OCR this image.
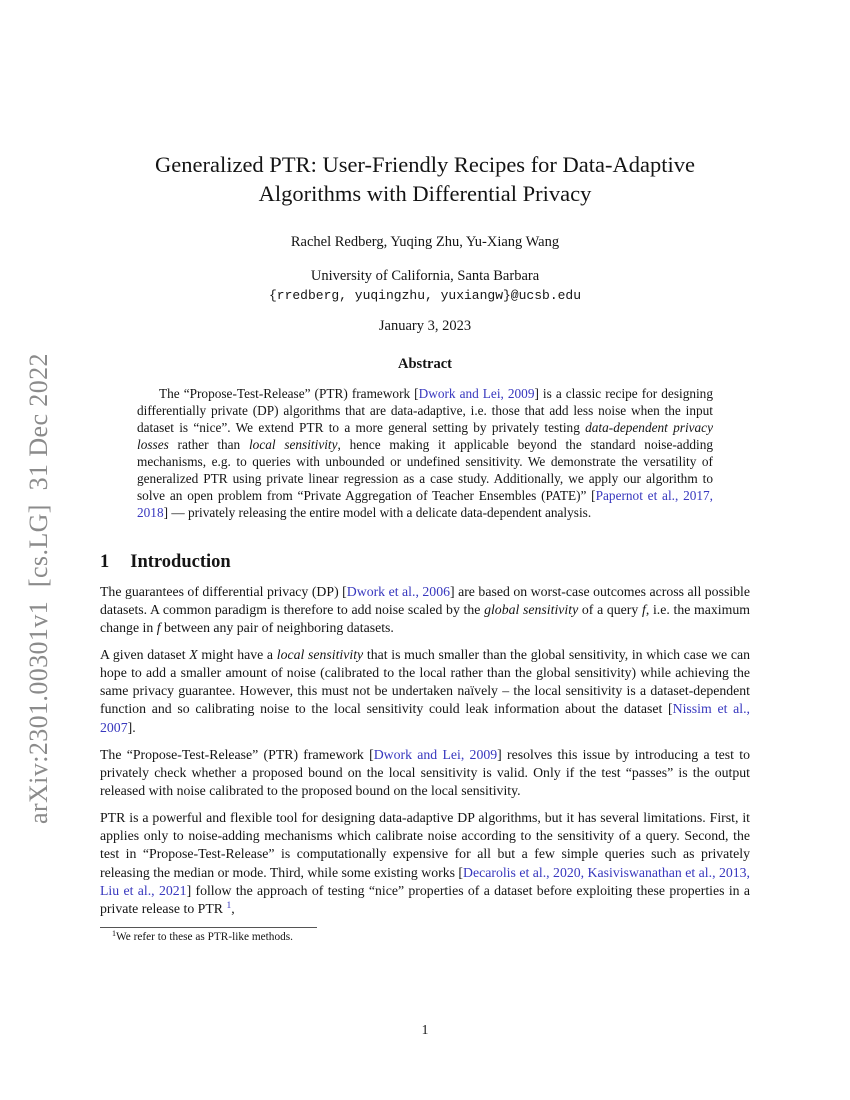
arXiv:2301.00301v1  [cs.LG]  31 Dec 2022
Generalized PTR: User-Friendly Recipes for Data-Adaptive
Algorithms with Differential Privacy
Rachel Redberg, Yuqing Zhu, Yu-Xiang Wang
University of California, Santa Barbara
{rredberg, yuqingzhu, yuxiangw}@ucsb.edu
January 3, 2023
Abstract

The “Propose-Test-Release” (PTR) framework [Dwork and Lei, 2009] is a classic recipe for designing differentially private (DP) algorithms that are data-adaptive, i.e. those that add less noise when the input dataset is “nice”. We extend PTR to a more general setting by privately testing data-dependent privacy losses rather than local sensitivity, hence making it applicable beyond the standard noise-adding mechanisms, e.g. to queries with unbounded or undefined sensitivity. We demonstrate the versatility of generalized PTR using private linear regression as a case study. Additionally, we apply our algorithm to solve an open problem from “Private Aggregation of Teacher Ensembles (PATE)” [Papernot et al., 2017, 2018] — privately releasing the entire model with a delicate data-dependent analysis.

1 Introduction

The guarantees of differential privacy (DP) [Dwork et al., 2006] are based on worst-case outcomes across all possible datasets. A common paradigm is therefore to add noise scaled by the global sensitivity of a query f, i.e. the maximum change in f between any pair of neighboring datasets.

A given dataset X might have a local sensitivity that is much smaller than the global sensitivity, in which case we can hope to add a smaller amount of noise (calibrated to the local rather than the global sensitivity) while achieving the same privacy guarantee. However, this must not be undertaken naïvely – the local sensitivity is a dataset-dependent function and so calibrating noise to the local sensitivity could leak information about the dataset [Nissim et al., 2007].

The “Propose-Test-Release” (PTR) framework [Dwork and Lei, 2009] resolves this issue by introducing a test to privately check whether a proposed bound on the local sensitivity is valid. Only if the test “passes” is the output released with noise calibrated to the proposed bound on the local sensitivity.

PTR is a powerful and flexible tool for designing data-adaptive DP algorithms, but it has several limitations. First, it applies only to noise-adding mechanisms which calibrate noise according to the sensitivity of a query. Second, the test in “Propose-Test-Release” is computationally expensive for all but a few simple queries such as privately releasing the median or mode. Third, while some existing works [Decarolis et al., 2020, Kasiviswanathan et al., 2013, Liu et al., 2021] follow the approach of testing “nice” properties of a dataset before exploiting these properties in a private release to PTR $^1$,

$^1$We refer to these as PTR-like methods.
1
